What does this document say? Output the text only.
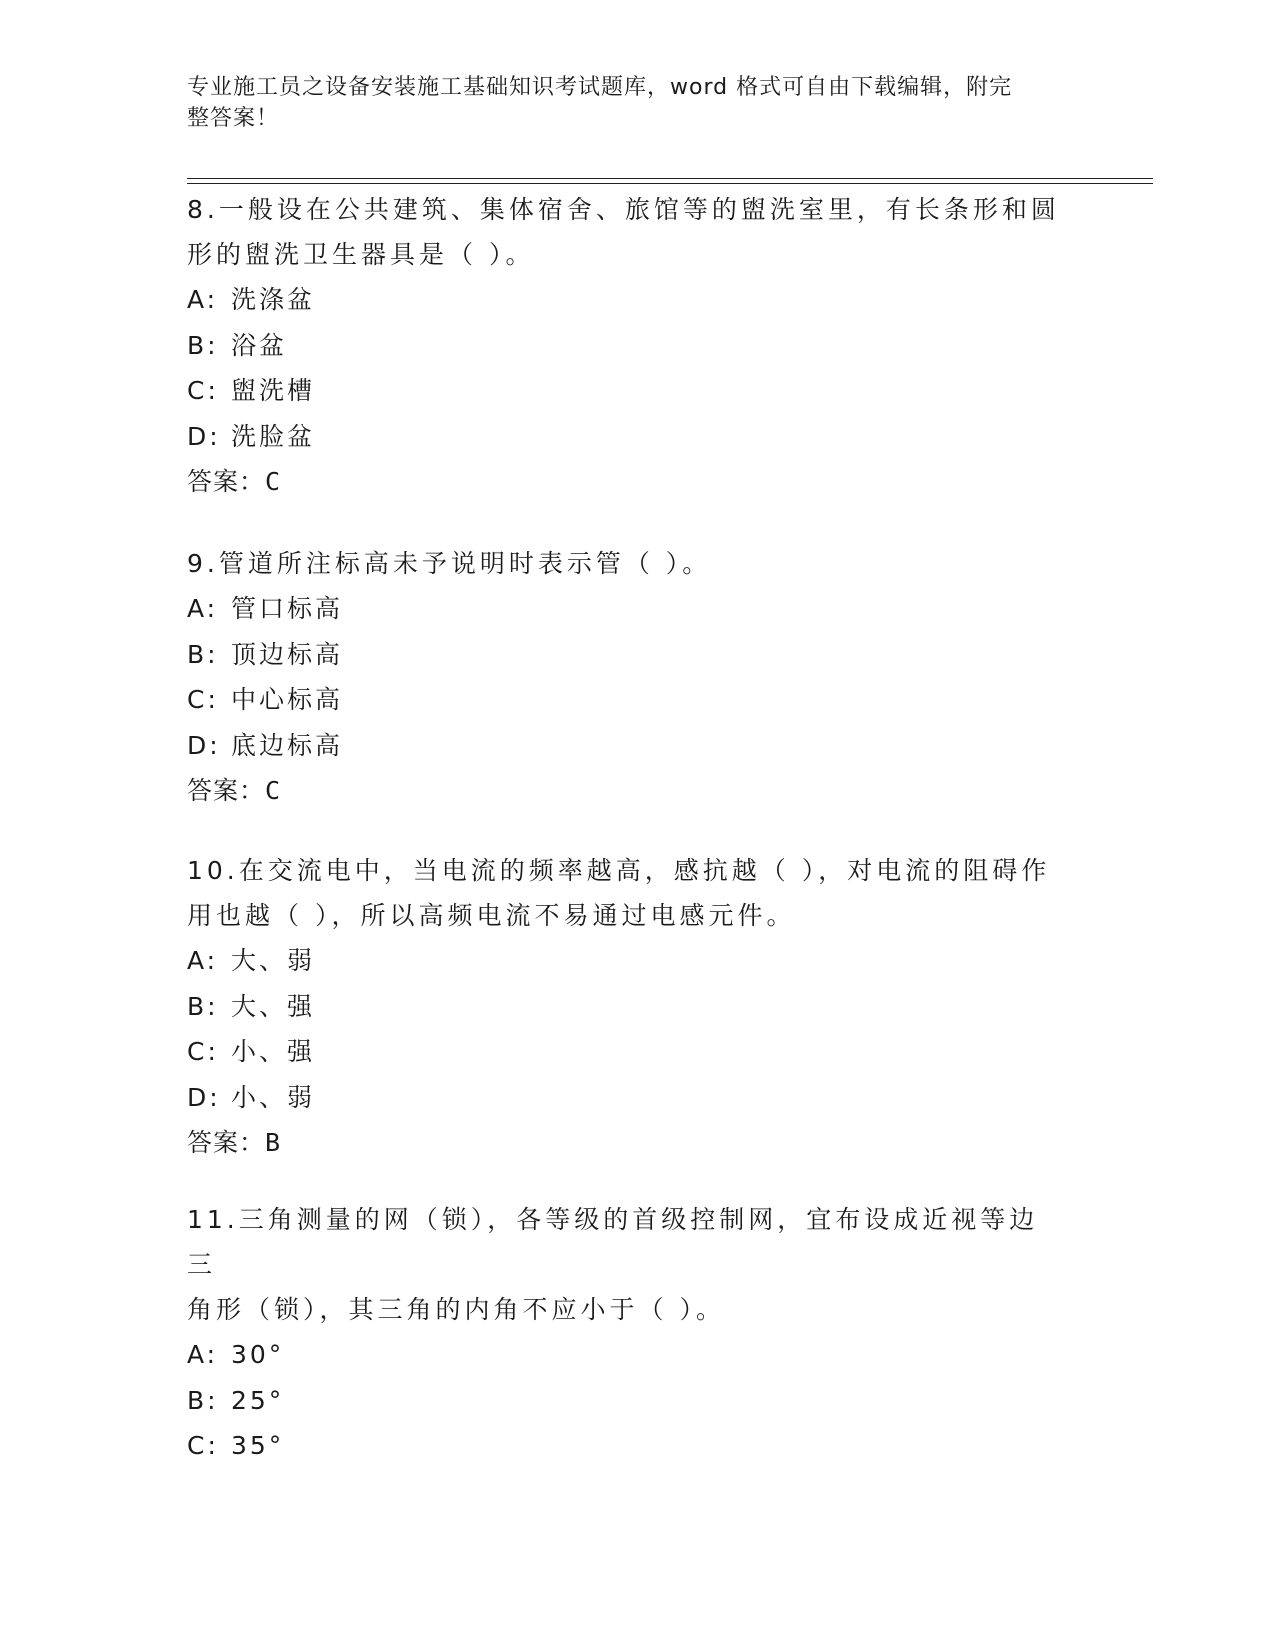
专业施工员之设备安装施工基础知识考试题库，word 格式可自由下载编辑，附完
整答案！

8.一般设在公共建筑、集体宿舍、旅馆等的盥洗室里，有长条形和圆

形的盥洗卫生器具是（ ）。

A: 洗涤盆
B: 浴盆
C: 盥洗槽
D: 洗脸盆

答案：C

9.管道所注标高未予说明时表示管（ ）。

A: 管口标高
B: 顶边标高
C: 中心标高
D: 底边标高

答案：C

10.在交流电中，当电流的频率越高，感抗越（ ），对电流的阻碍作

用也越（ ），所以高频电流不易通过电感元件。

A: 大、弱
B: 大、强
C: 小、强
D: 小、弱

答案：B

11.三角测量的网（锁），各等级的首级控制网，宜布设成近视等边三

角形（锁），其三角的内角不应小于（ ）。

A: 30°
B: 25°
C: 35°
